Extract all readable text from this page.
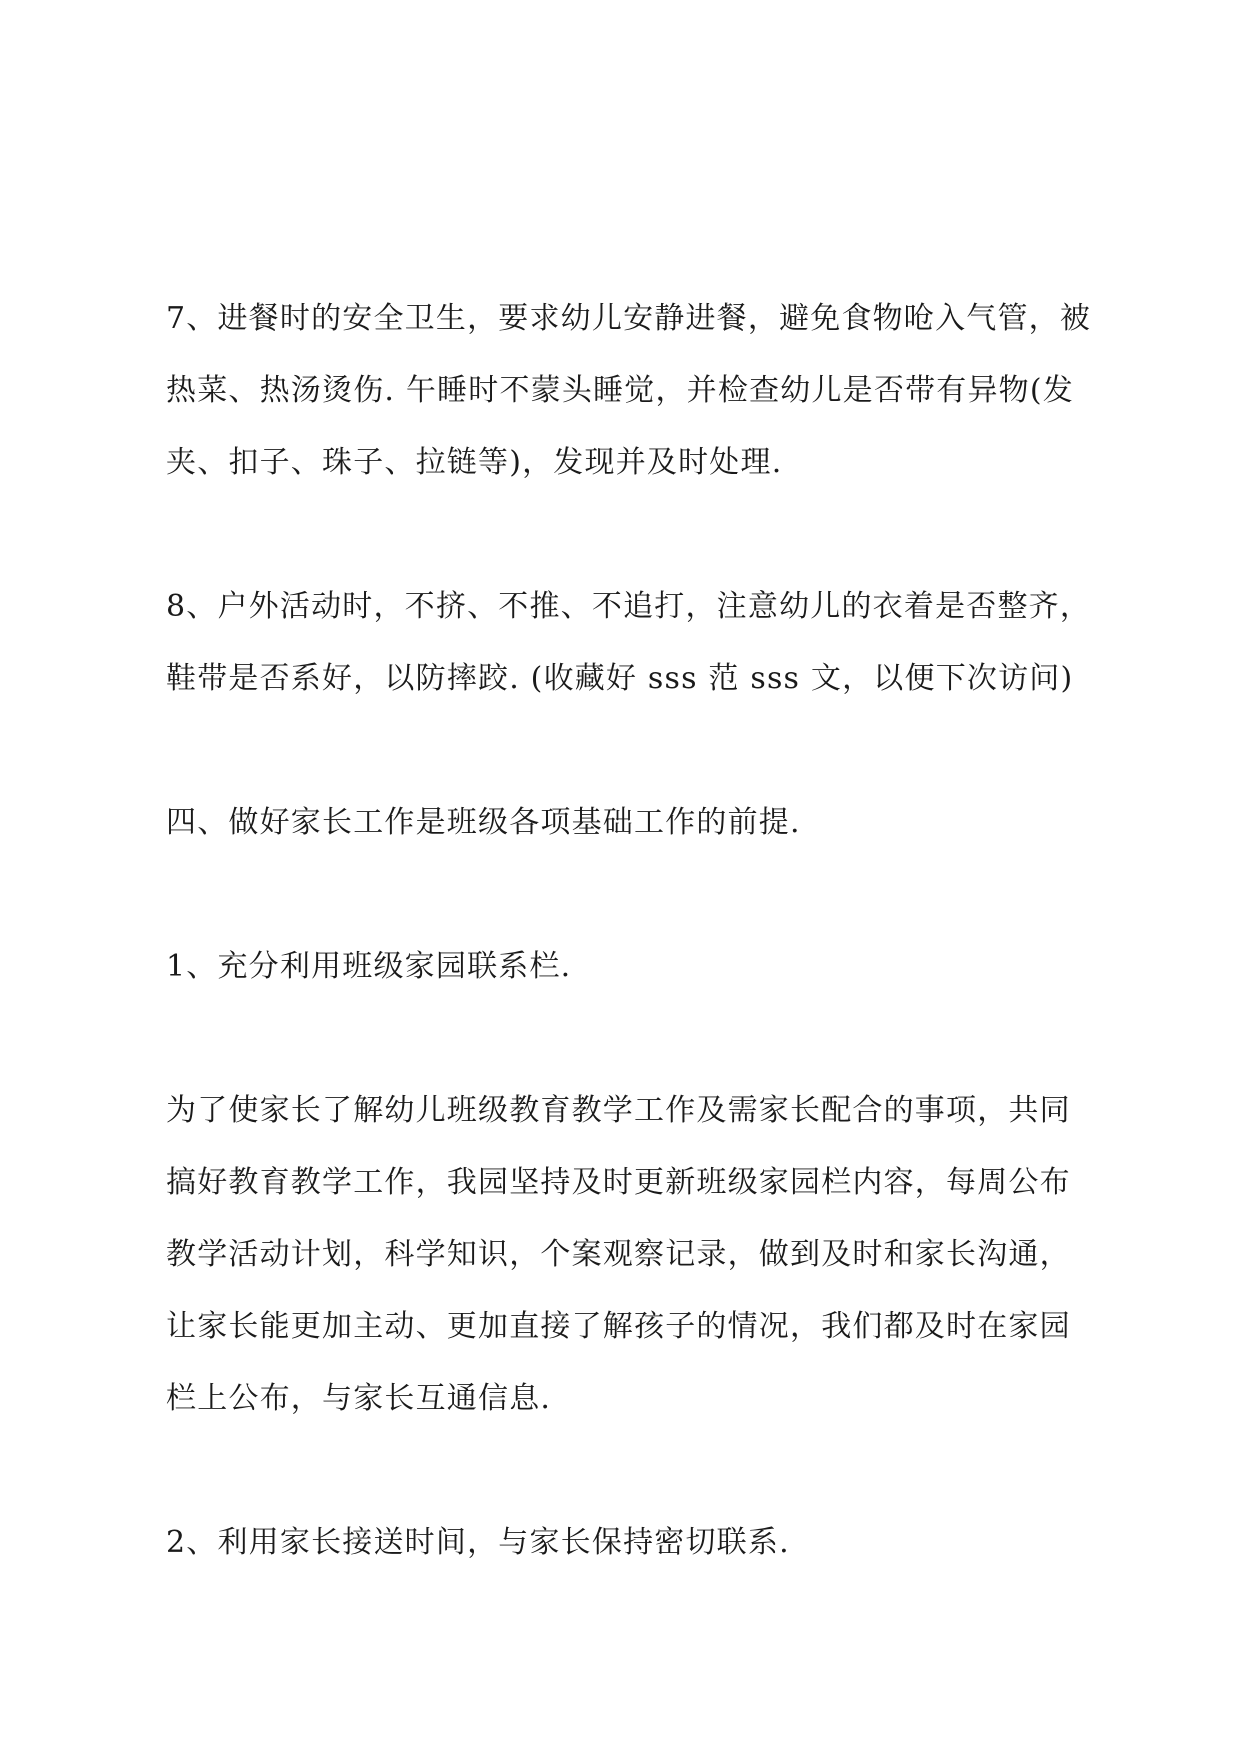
7、进餐时的安全卫生，要求幼儿安静进餐，避免食物呛入气管，被热菜、热汤烫伤. 午睡时不蒙头睡觉，并检查幼儿是否带有异物(发夹、扣子、珠子、拉链等)，发现并及时处理.

8、户外活动时，不挤、不推、不追打，注意幼儿的衣着是否整齐，鞋带是否系好，以防摔跤. (收藏好 sss 范 sss 文，以便下次访问)

四、做好家长工作是班级各项基础工作的前提.

1、充分利用班级家园联系栏.

为了使家长了解幼儿班级教育教学工作及需家长配合的事项，共同搞好教育教学工作，我园坚持及时更新班级家园栏内容，每周公布教学活动计划，科学知识，个案观察记录，做到及时和家长沟通，让家长能更加主动、更加直接了解孩子的情况，我们都及时在家园栏上公布，与家长互通信息.

2、利用家长接送时间，与家长保持密切联系.
